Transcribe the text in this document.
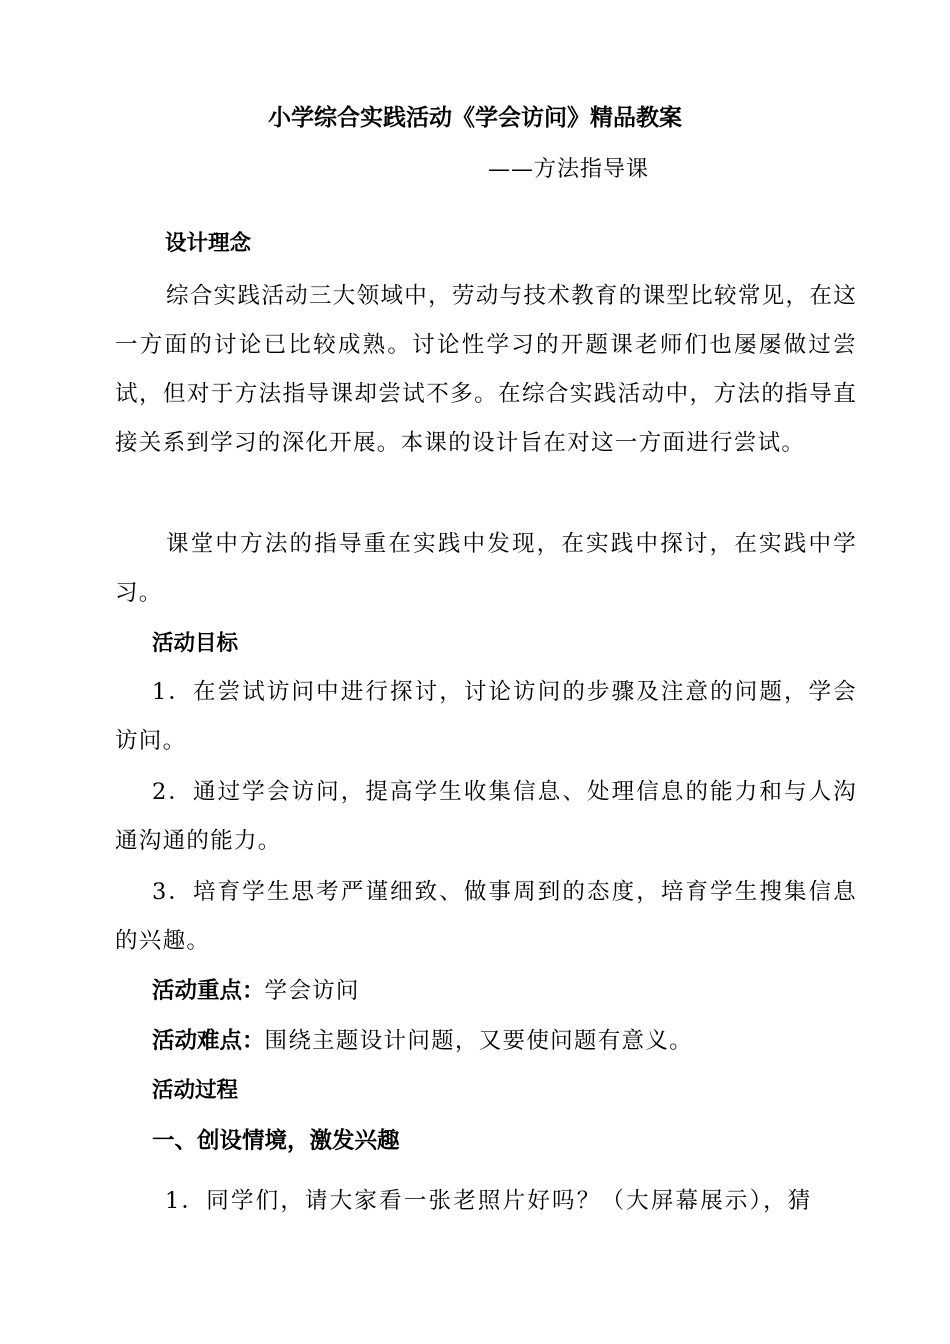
小学综合实践活动《学会访问》精品教案
——方法指导课
设计理念
综合实践活动三大领域中，劳动与技术教育的课型比较常见，在这一方面的讨论已比较成熟。讨论性学习的开题课老师们也屡屡做过尝试，但对于方法指导课却尝试不多。在综合实践活动中，方法的指导直接关系到学习的深化开展。本课的设计旨在对这一方面进行尝试。
课堂中方法的指导重在实践中发现，在实践中探讨，在实践中学习。
活动目标
1．在尝试访问中进行探讨，讨论访问的步骤及注意的问题，学会访问。
2．通过学会访问，提高学生收集信息、处理信息的能力和与人沟通沟通的能力。
3．培育学生思考严谨细致、做事周到的态度，培育学生搜集信息的兴趣。
活动重点：学会访问
活动难点：围绕主题设计问题，又要使问题有意义。
活动过程
一、创设情境，激发兴趣
1．同学们，请大家看一张老照片好吗？（大屏幕展示），猜
